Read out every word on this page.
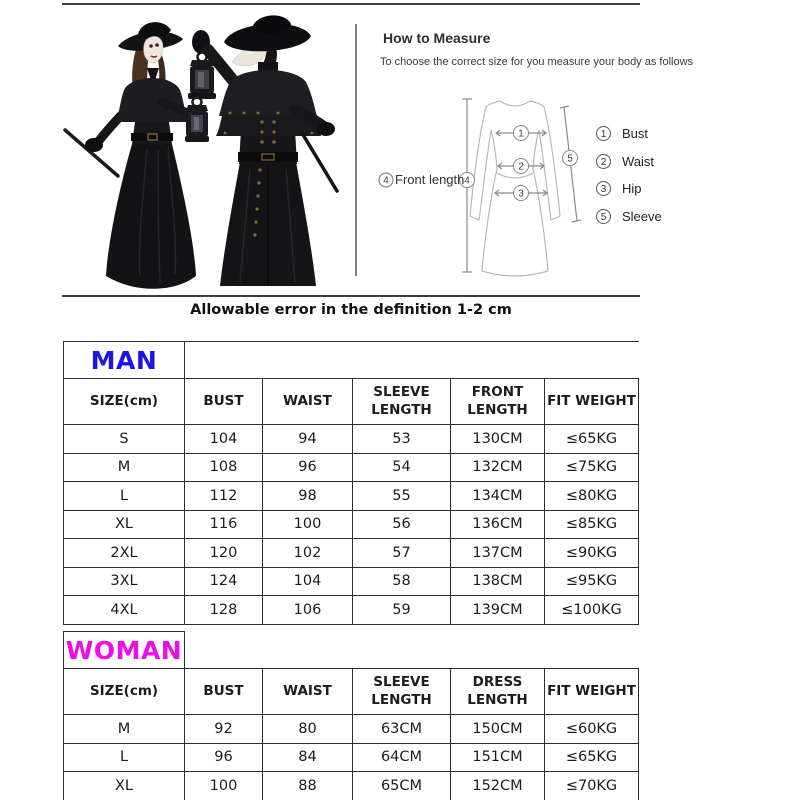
How to Measure
To choose the correct size for you measure your body as follows
1
2
3
4
5
4 Front length
1	Bust
2	Waist
3	Hip
5	Sleeve
Allowable error in the definition 1-2 cm
MAN					
SIZE(cm)	BUST	WAIST	SLEEVE LENGTH	FRONT LENGTH	FIT WEIGHT
S	104	94	53	130CM	≤65KG
M	108	96	54	132CM	≤75KG
L	112	98	55	134CM	≤80KG
XL	116	100	56	136CM	≤85KG
2XL	120	102	57	137CM	≤90KG
3XL	124	104	58	138CM	≤95KG
4XL	128	106	59	139CM	≤100KG
WOMAN					
SIZE(cm)	BUST	WAIST	SLEEVE LENGTH	DRESS LENGTH	FIT WEIGHT
M	92	80	63CM	150CM	≤60KG
L	96	84	64CM	151CM	≤65KG
XL	100	88	65CM	152CM	≤70KG
